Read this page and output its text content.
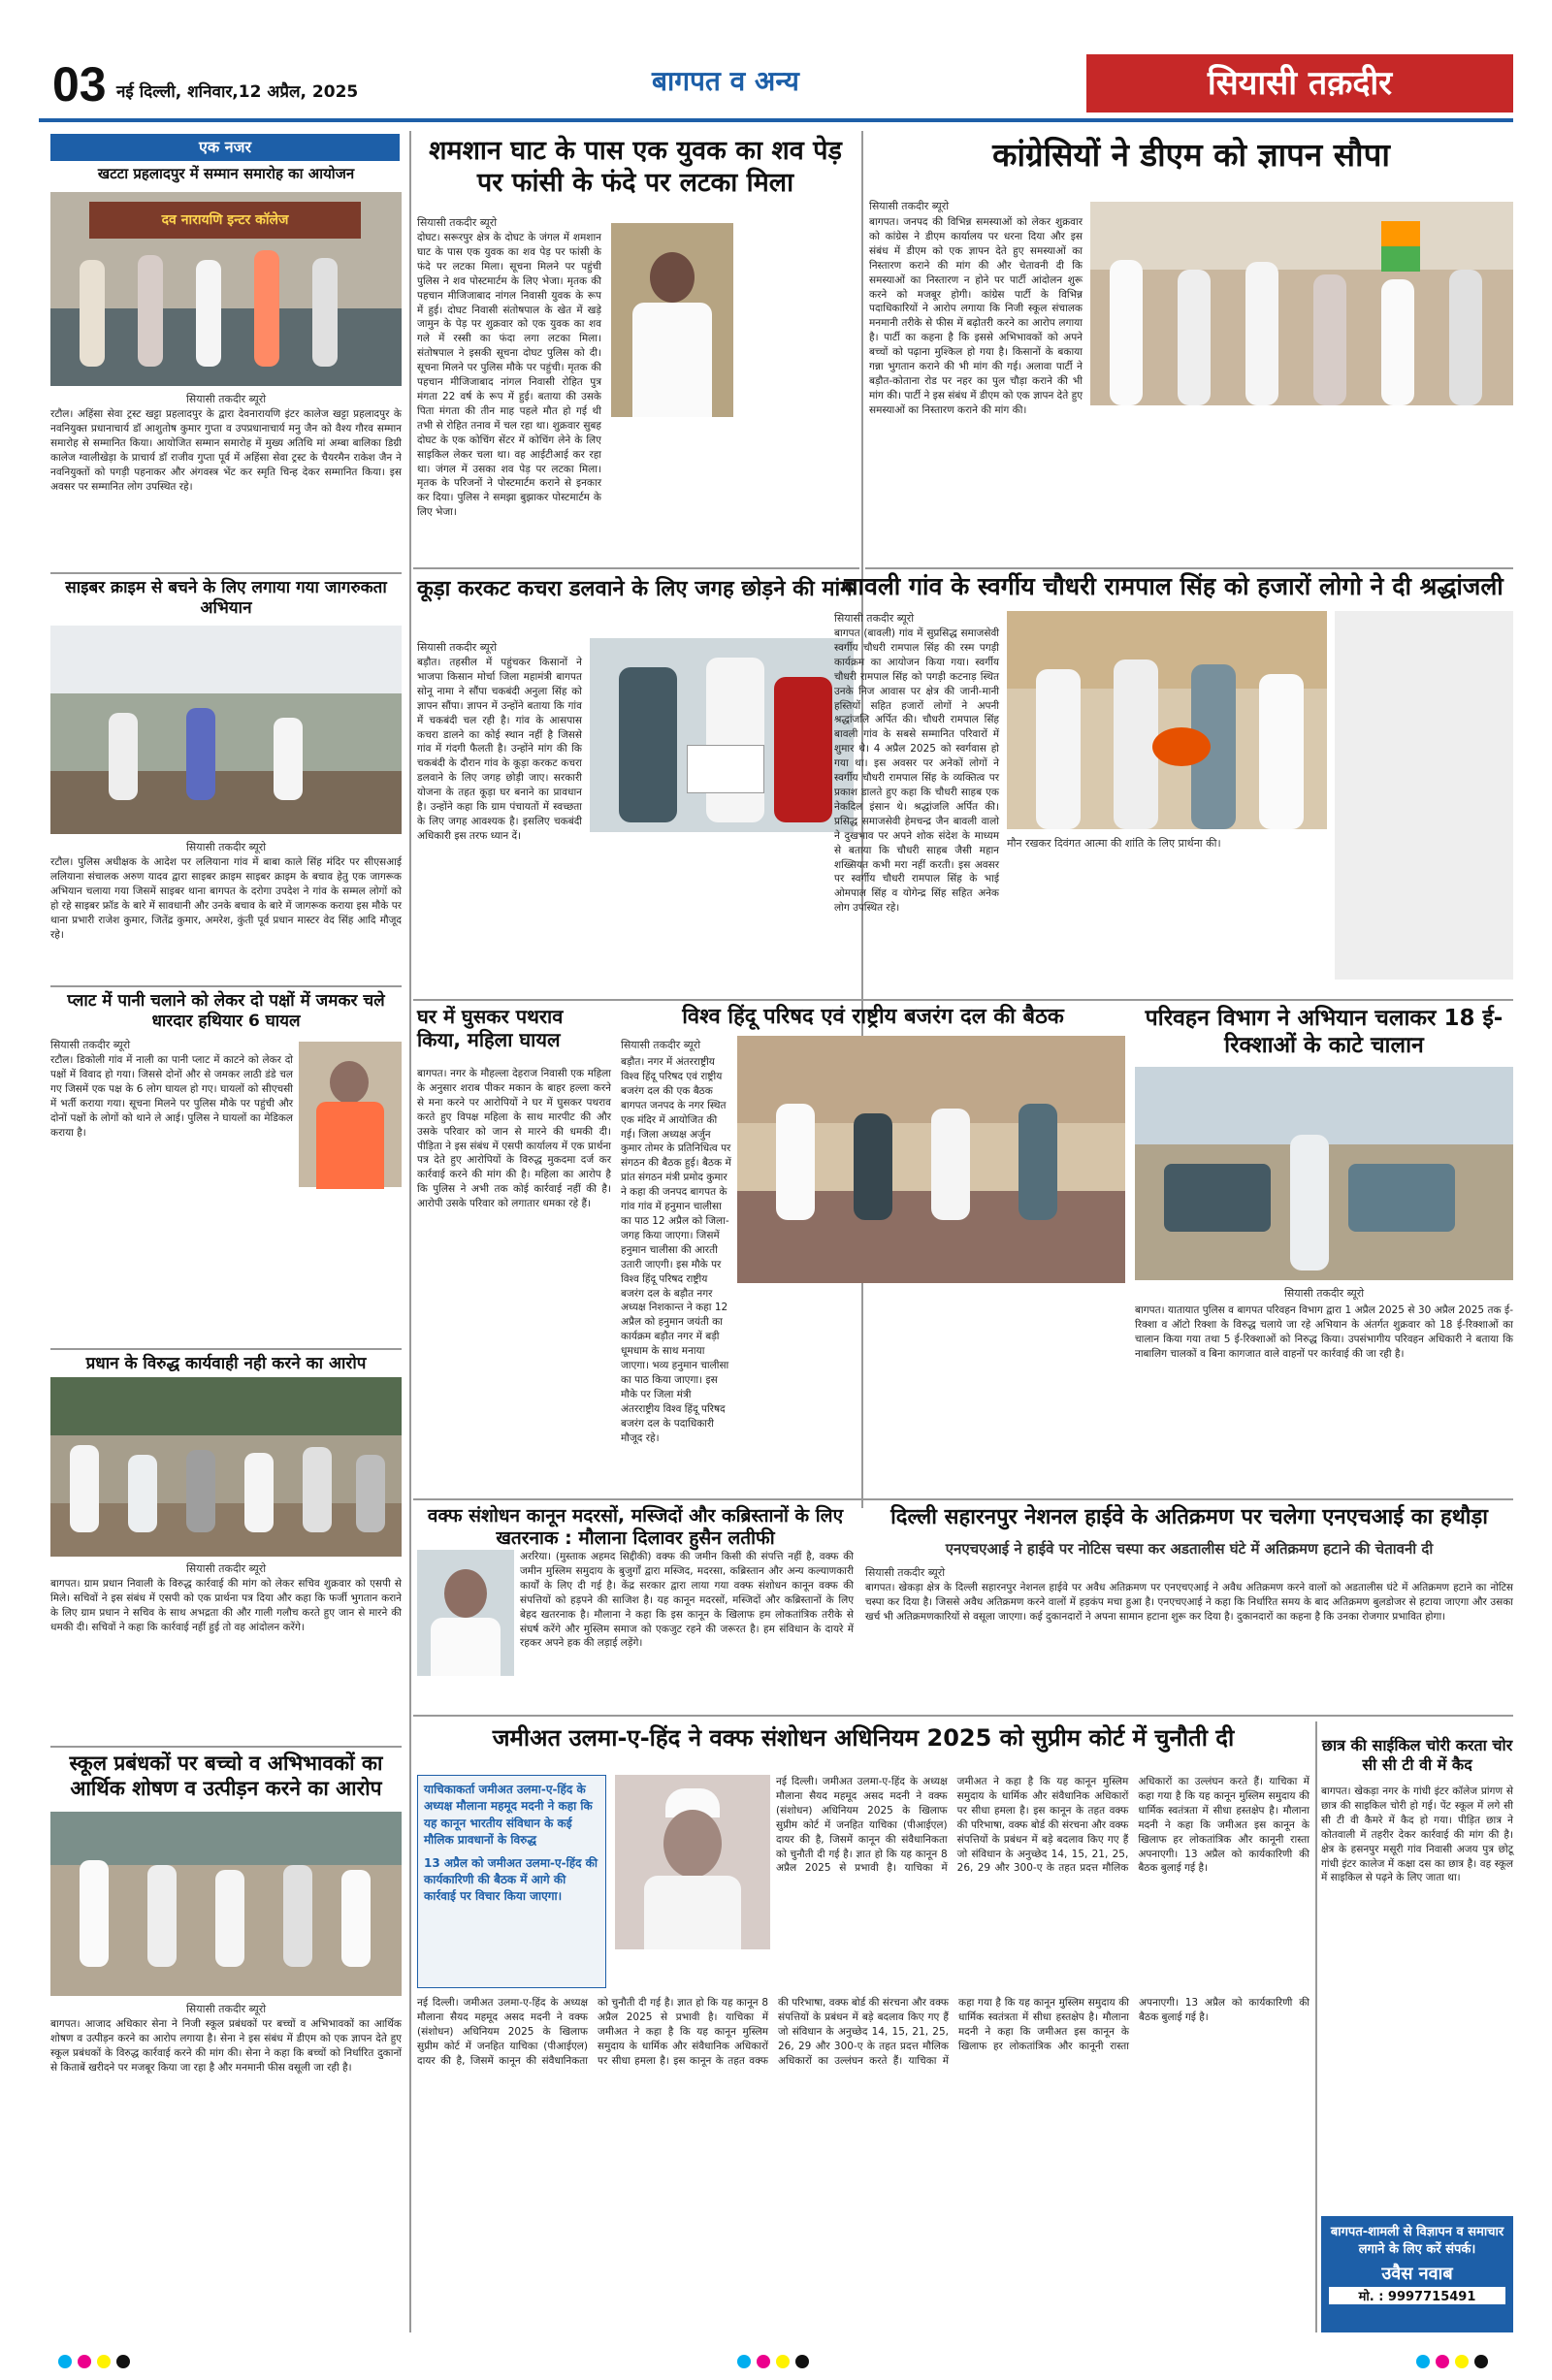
03 नई दिल्ली, शनिवार,12 अप्रैल, 2025	बागपत व अन्य	सियासी तक़दीर
एक नजर
खटटा प्रहलादपुर में सम्मान समारोह का आयोजन
दव नारायणि इन्टर कॉलेज
सियासी तकदीर ब्यूरो
रटौल। अहिंसा सेवा ट्रस्ट खट्टा प्रहलादपुर के द्वारा देवनारायणि इंटर कालेज खट्टा प्रहलादपुर के नवनियुक्त प्रधानाचार्य डॉ आशुतोष कुमार गुप्ता व उपप्रधानाचार्य मनु जैन को वैश्य गौरव सम्मान समारोह से सम्मानित किया। आयोजित सम्मान समारोह में मुख्य अतिथि मां अम्बा बालिका डिग्री कालेज ग्वालीखेड़ा के प्राचार्य डॉ राजीव गुप्ता पूर्व में अहिंसा सेवा ट्रस्ट के चैयरमैन राकेश जैन ने नवनियुक्तों को पगड़ी पहनाकर और अंगवस्त्र भेंट कर स्मृति चिन्ह देकर सम्मानित किया। इस अवसर पर सम्मानित लोग उपस्थित रहे।
साइबर क्राइम से बचने के लिए लगाया गया जागरुकता अभियान
सियासी तकदीर ब्यूरो
रटौल। पुलिस अधीक्षक के आदेश पर ललियाना गांव में बाबा काले सिंह मंदिर पर सीएसआई ललियाना संचालक अरुण यादव द्वारा साइबर क्राइम साइबर क्राइम के बचाव हेतु एक जागरूक अभियान चलाया गया जिसमें साइबर थाना बागपत के दरोगा उपदेश ने गांव के सम्मल लोगों को हो रहे साइबर फ्रॉड के बारे में सावधानी और उनके बचाव के बारे में जागरूक कराया इस मौके पर थाना प्रभारी राजेश कुमार, जितेंद्र कुमार, अमरेश, कुंती पूर्व प्रधान मास्टर वेद सिंह आदि मौजूद रहे।
प्लाट में पानी चलाने को लेकर दो पक्षों में जमकर चले धारदार हथियार 6 घायल
सियासी तकदीर ब्यूरो
रटौल। डिकोली गांव में नाली का पानी प्लाट में काटने को लेकर दो पक्षों में विवाद हो गया। जिससे दोनों और से जमकर लाठी डंडे चल गए जिसमें एक पक्ष के 6 लोग घायल हो गए। घायलों को सीएचसी में भर्ती कराया गया। सूचना मिलने पर पुलिस मौके पर पहुंची और दोनों पक्षों के लोगों को थाने ले आई। पुलिस ने घायलों का मेडिकल कराया है।
प्रधान के विरुद्ध कार्यवाही नही करने का आरोप
सियासी तकदीर ब्यूरो
बागपत। ग्राम प्रधान निवाली के विरुद्ध कार्रवाई की मांग को लेकर सचिव शुक्रवार को एसपी से मिले। सचिवों ने इस संबंध में एसपी को एक प्रार्थना पत्र दिया और कहा कि फर्जी भुगतान कराने के लिए ग्राम प्रधान ने सचिव के साथ अभद्रता की और गाली गलौच करते हुए जान से मारने की धमकी दी। सचिवों ने कहा कि कार्रवाई नहीं हुई तो वह आंदोलन करेंगे।
स्कूल प्रबंधकों पर बच्चो व अभिभावकों का आर्थिक शोषण व उत्पीड़न करने का आरोप
सियासी तकदीर ब्यूरो
बागपत। आजाद अधिकार सेना ने निजी स्कूल प्रबंधकों पर बच्चों व अभिभावकों का आर्थिक शोषण व उत्पीड़न करने का आरोप लगाया है। सेना ने इस संबंध में डीएम को एक ज्ञापन देते हुए स्कूल प्रबंधकों के विरुद्ध कार्रवाई करने की मांग की। सेना ने कहा कि बच्चों को निर्धारित दुकानों से किताबें खरीदने पर मजबूर किया जा रहा है और मनमानी फीस वसूली जा रही है।
शमशान घाट के पास एक युवक का शव पेड़ पर फांसी के फंदे पर लटका मिला
दोघट। सरूरपुर क्षेत्र के दोघट के जंगल में शमशान घाट के पास एक युवक का शव पेड़ पर फांसी के फंदे पर लटका मिला। सूचना मिलने पर पहुंची पुलिस ने शव पोस्टमार्टम के लिए भेजा। मृतक की पहचान मीजिजाबाद नांगल निवासी युवक के रूप में हुई। दोघट निवासी संतोषपाल के खेत में खड़े जामुन के पेड़ पर शुक्रवार को एक युवक का शव गले में रस्सी का फंदा लगा लटका मिला। संतोषपाल ने इसकी सूचना दोघट पुलिस को दी। सूचना मिलने पर पुलिस मौके पर पहुंची। मृतक की पहचान मीजिजाबाद नांगल निवासी रोहित पुत्र मंगता 22 वर्ष के रूप में हुई। बताया की उसके पिता मंगता की तीन माह पहले मौत हो गई थी तभी से रोहित तनाव में चल रहा था। शुक्रवार सुबह दोघट के एक कोचिंग सेंटर में कोचिंग लेने के लिए साइकिल लेकर चला था। वह आईटीआई कर रहा था। जंगल में उसका शव पेड़ पर लटका मिला। मृतक के परिजनों ने पोस्टमार्टम कराने से इनकार कर दिया। पुलिस ने समझा बुझाकर पोस्टमार्टम के लिए भेजा।
सियासी तकदीर ब्यूरो
कूड़ा करकट कचरा डलवाने के लिए जगह छोड़ने की मांग
सियासी तकदीर ब्यूरो
बड़ौत। तहसील में पहुंचकर किसानों ने भाजपा किसान मोर्चा जिला महामंत्री बागपत सोनू नामा ने सौंपा चकबंदी अनुला सिंह को ज्ञापन सौंपा। ज्ञापन में उन्होंने बताया कि गांव में चकबंदी चल रही है। गांव के आसपास कचरा डालने का कोई स्थान नहीं है जिससे गांव में गंदगी फैलती है। उन्होंने मांग की कि चकबंदी के दौरान गांव के कूड़ा करकट कचरा डलवाने के लिए जगह छोड़ी जाए। सरकारी योजना के तहत कूड़ा घर बनाने का प्रावधान है। उन्होंने कहा कि ग्राम पंचायतों में स्वच्छता के लिए जगह आवश्यक है। इसलिए चकबंदी अधिकारी इस तरफ ध्यान दें।
कांग्रेसियों ने डीएम को ज्ञापन सौपा
सियासी तकदीर ब्यूरो
बागपत। जनपद की विभिन्न समस्याओं को लेकर शुक्रवार को कांग्रेस ने डीएम कार्यालय पर धरना दिया और इस संबंध में डीएम को एक ज्ञापन देते हुए समस्याओं का निस्तारण कराने की मांग की और चेतावनी दी कि समस्याओं का निस्तारण न होने पर पार्टी आंदोलन शुरू करने को मजबूर होगी। कांग्रेस पार्टी के विभिन्न पदाधिकारियों ने आरोप लगाया कि निजी स्कूल संचालक मनमानी तरीके से फीस में बढ़ोतरी करने का आरोप लगाया है। पार्टी का कहना है कि इससे अभिभावकों को अपने बच्चों को पढ़ाना मुश्किल हो गया है। किसानों के बकाया गन्ना भुगतान कराने की भी मांग की गई। अलावा पार्टी ने बड़ौत-कोताना रोड पर नहर का पुल चौड़ा कराने की भी मांग की। पार्टी ने इस संबंध में डीएम को एक ज्ञापन देते हुए समस्याओं का निस्तारण कराने की मांग की।
बावली गांव के स्वर्गीय चौधरी रामपाल सिंह को हजारों लोगो ने दी श्रद्धांजली
सियासी तकदीर ब्यूरो
बागपत (बावली) गांव में सुप्रसिद्ध समाजसेवी स्वर्गीय चौधरी रामपाल सिंह की रस्म पगड़ी कार्यक्रम का आयोजन किया गया। स्वर्गीय चौधरी रामपाल सिंह को पगड़ी कटनाड़ स्थित उनके निज आवास पर क्षेत्र की जानी-मानी हस्तियों सहित हजारों लोगों ने अपनी श्रद्धांजलि अर्पित की। चौधरी रामपाल सिंह बावली गांव के सबसे सम्मानित परिवारों में शुमार थे। 4 अप्रैल 2025 को स्वर्गवास हो गया था। इस अवसर पर अनेकों लोगों ने स्वर्गीय चौधरी रामपाल सिंह के व्यक्तित्व पर प्रकाश डालते हुए कहा कि चौधरी साहब एक नेकदिल इंसान थे। श्रद्धांजलि अर्पित की। प्रसिद्ध समाजसेवी हेमचन्द्र जैन बावली वालो ने दुखभाव पर अपने शोक संदेश के माध्यम से बताया कि चौधरी साहब जैसी महान शख्सियत कभी मरा नहीं करती। इस अवसर पर स्वर्गीय चौधरी रामपाल सिंह के भाई ओमपाल सिंह व योगेन्द्र सिंह सहित अनेक लोग उपस्थित रहे।
मौन रखकर दिवंगत आत्मा की शांति के लिए प्रार्थना की।
घर में घुसकर पथराव किया, महिला घायल
बागपत। नगर के मौहल्ला देहराज निवासी एक महिला के अनुसार शराब पीकर मकान के बाहर हल्ला करने से मना करने पर आरोपियों ने घर में घुसकर पथराव करते हुए विपक्ष महिला के साथ मारपीट की और उसके परिवार को जान से मारने की धमकी दी। पीड़िता ने इस संबंध में एसपी कार्यालय में एक प्रार्थना पत्र देते हुए आरोपियों के विरुद्ध मुकदमा दर्ज कर कार्रवाई करने की मांग की है। महिला का आरोप है कि पुलिस ने अभी तक कोई कार्रवाई नहीं की है। आरोपी उसके परिवार को लगातार धमका रहे हैं।
विश्व हिंदू परिषद एवं राष्ट्रीय बजरंग दल की बैठक
सियासी तकदीर ब्यूरो
बड़ौत। नगर में अंतरराष्ट्रीय विश्व हिंदू परिषद एवं राष्ट्रीय बजरंग दल की एक बैठक बागपत जनपद के नगर स्थित एक मंदिर में आयोजित की गई। जिला अध्यक्ष अर्जुन कुमार तोमर के प्रतिनिधित्व पर संगठन की बैठक हुई। बैठक में प्रांत संगठन मंत्री प्रमोद कुमार ने कहा की जनपद बागपत के गांव गांव में हनुमान चालीसा का पाठ 12 अप्रैल को जिला-जगह किया जाएगा। जिसमें हनुमान चालीसा की आरती उतारी जाएगी। इस मौके पर विश्व हिंदू परिषद राष्ट्रीय बजरंग दल के बड़ौत नगर अध्यक्ष निशकान्त ने कहा 12 अप्रैल को हनुमान जयंती का कार्यक्रम बड़ौत नगर में बड़ी धूमधाम के साथ मनाया जाएगा। भव्य हनुमान चालीसा का पाठ किया जाएगा। इस मौके पर जिला मंत्री अंतरराष्ट्रीय विश्व हिंदू परिषद बजरंग दल के पदाधिकारी मौजूद रहे।
परिवहन विभाग ने अभियान चलाकर 18 ई- रिक्शाओं के काटे चालान
सियासी तकदीर ब्यूरो
बागपत। यातायात पुलिस व बागपत परिवहन विभाग द्वारा 1 अप्रैल 2025 से 30 अप्रैल 2025 तक ई-रिक्शा व ऑटो रिक्शा के विरुद्ध चलाये जा रहे अभियान के अंतर्गत शुक्रवार को 18 ई-रिक्शाओं का चालान किया गया तथा 5 ई-रिक्शाओं को निरुद्ध किया। उपसंभागीय परिवहन अधिकारी ने बताया कि नाबालिग चालकों व बिना कागजात वाले वाहनों पर कार्रवाई की जा रही है।
वक्फ संशोधन कानून मदरसों, मस्जिदों और कब्रिस्तानों के लिए खतरनाक : मौलाना दिलावर हुसैन लतीफी
अररिया। (मुस्ताक अहमद सिद्दीकी) वक्फ की जमीन किसी की संपत्ति नहीं है, वक्फ की जमीन मुस्लिम समुदाय के बुजुर्गों द्वारा मस्जिद, मदरसा, कब्रिस्तान और अन्य कल्याणकारी कार्यों के लिए दी गई है। केंद्र सरकार द्वारा लाया गया वक्फ संशोधन कानून वक्फ की संपत्तियों को हड़पने की साजिश है। यह कानून मदरसों, मस्जिदों और कब्रिस्तानों के लिए बेहद खतरनाक है। मौलाना ने कहा कि इस कानून के खिलाफ हम लोकतांत्रिक तरीके से संघर्ष करेंगे और मुस्लिम समाज को एकजुट रहने की जरूरत है। हम संविधान के दायरे में रहकर अपने हक की लड़ाई लड़ेंगे।
दिल्ली सहारनपुर नेशनल हाईवे के अतिक्रमण पर चलेगा एनएचआई का हथौड़ा
एनएचएआई ने हाईवे पर नोटिस चस्पा कर अडतालीस घंटे में अतिक्रमण हटाने की चेतावनी दी
सियासी तकदीर ब्यूरो
बागपत। खेकड़ा क्षेत्र के दिल्ली सहारनपुर नेशनल हाईवे पर अवैध अतिक्रमण पर एनएचएआई ने अवैध अतिक्रमण करने वालों को अडतालीस घंटे में अतिक्रमण हटाने का नोटिस चस्पा कर दिया है। जिससे अवैध अतिक्रमण करने वालों में हड़कंप मचा हुआ है। एनएचएआई ने कहा कि निर्धारित समय के बाद अतिक्रमण बुलडोजर से हटाया जाएगा और उसका खर्च भी अतिक्रमणकारियों से वसूला जाएगा। कई दुकानदारों ने अपना सामान हटाना शुरू कर दिया है। दुकानदारों का कहना है कि उनका रोजगार प्रभावित होगा।
जमीअत उलमा-ए-हिंद ने वक्फ संशोधन अधिनियम 2025 को सुप्रीम कोर्ट में चुनौती दी
याचिकाकर्ता जमीअत उलमा-ए-हिंद के अध्यक्ष मौलाना महमूद मदनी ने कहा कि यह कानून भारतीय संविधान के कई मौलिक प्रावधानों के विरुद्ध
13 अप्रैल को जमीअत उलमा-ए-हिंद की कार्यकारिणी की बैठक में आगे की कार्रवाई पर विचार किया जाएगा।
नई दिल्ली। जमीअत उलमा-ए-हिंद के अध्यक्ष मौलाना सैयद महमूद असद मदनी ने वक्फ (संशोधन) अधिनियम 2025 के खिलाफ सुप्रीम कोर्ट में जनहित याचिका (पीआईएल) दायर की है, जिसमें कानून की संवैधानिकता को चुनौती दी गई है। ज्ञात हो कि यह कानून 8 अप्रैल 2025 से प्रभावी है। याचिका में जमीअत ने कहा है कि यह कानून मुस्लिम समुदाय के धार्मिक और संवैधानिक अधिकारों पर सीधा हमला है। इस कानून के तहत वक्फ की परिभाषा, वक्फ बोर्ड की संरचना और वक्फ संपत्तियों के प्रबंधन में बड़े बदलाव किए गए हैं जो संविधान के अनुच्छेद 14, 15, 21, 25, 26, 29 और 300-ए के तहत प्रदत्त मौलिक अधिकारों का उल्लंघन करते हैं। याचिका में कहा गया है कि यह कानून मुस्लिम समुदाय की धार्मिक स्वतंत्रता में सीधा हस्तक्षेप है। मौलाना मदनी ने कहा कि जमीअत इस कानून के खिलाफ हर लोकतांत्रिक और कानूनी रास्ता अपनाएगी। 13 अप्रैल को कार्यकारिणी की बैठक बुलाई गई है।
नई दिल्ली। जमीअत उलमा-ए-हिंद के अध्यक्ष मौलाना सैयद महमूद असद मदनी ने वक्फ (संशोधन) अधिनियम 2025 के खिलाफ सुप्रीम कोर्ट में जनहित याचिका (पीआईएल) दायर की है, जिसमें कानून की संवैधानिकता को चुनौती दी गई है। ज्ञात हो कि यह कानून 8 अप्रैल 2025 से प्रभावी है। याचिका में जमीअत ने कहा है कि यह कानून मुस्लिम समुदाय के धार्मिक और संवैधानिक अधिकारों पर सीधा हमला है। इस कानून के तहत वक्फ की परिभाषा, वक्फ बोर्ड की संरचना और वक्फ संपत्तियों के प्रबंधन में बड़े बदलाव किए गए हैं जो संविधान के अनुच्छेद 14, 15, 21, 25, 26, 29 और 300-ए के तहत प्रदत्त मौलिक अधिकारों का उल्लंघन करते हैं। याचिका में कहा गया है कि यह कानून मुस्लिम समुदाय की धार्मिक स्वतंत्रता में सीधा हस्तक्षेप है। मौलाना मदनी ने कहा कि जमीअत इस कानून के खिलाफ हर लोकतांत्रिक और कानूनी रास्ता अपनाएगी। 13 अप्रैल को कार्यकारिणी की बैठक बुलाई गई है।
छात्र की साईकिल चोरी करता चोर सी सी टी वी में कैद
बागपत। खेकड़ा नगर के गांधी इंटर कॉलेज प्रांगण से छात्र की साइकिल चोरी हो गई। पेंट स्कूल में लगे सी सी टी वी कैमरे में कैद हो गया। पीड़ित छात्र ने कोतवाली में तहरीर देकर कार्रवाई की मांग की है। क्षेत्र के हसनपुर मसूरी गांव निवासी अजय पुत्र छोटू गांधी इंटर कालेज में कक्षा दस का छात्र है। वह स्कूल में साइकिल से पढ़ने के लिए जाता था।
बागपत-शामली से विज्ञापन व समाचार लगाने के लिए करें संपर्क।
उवैस नवाब
मो. : 9997715491
